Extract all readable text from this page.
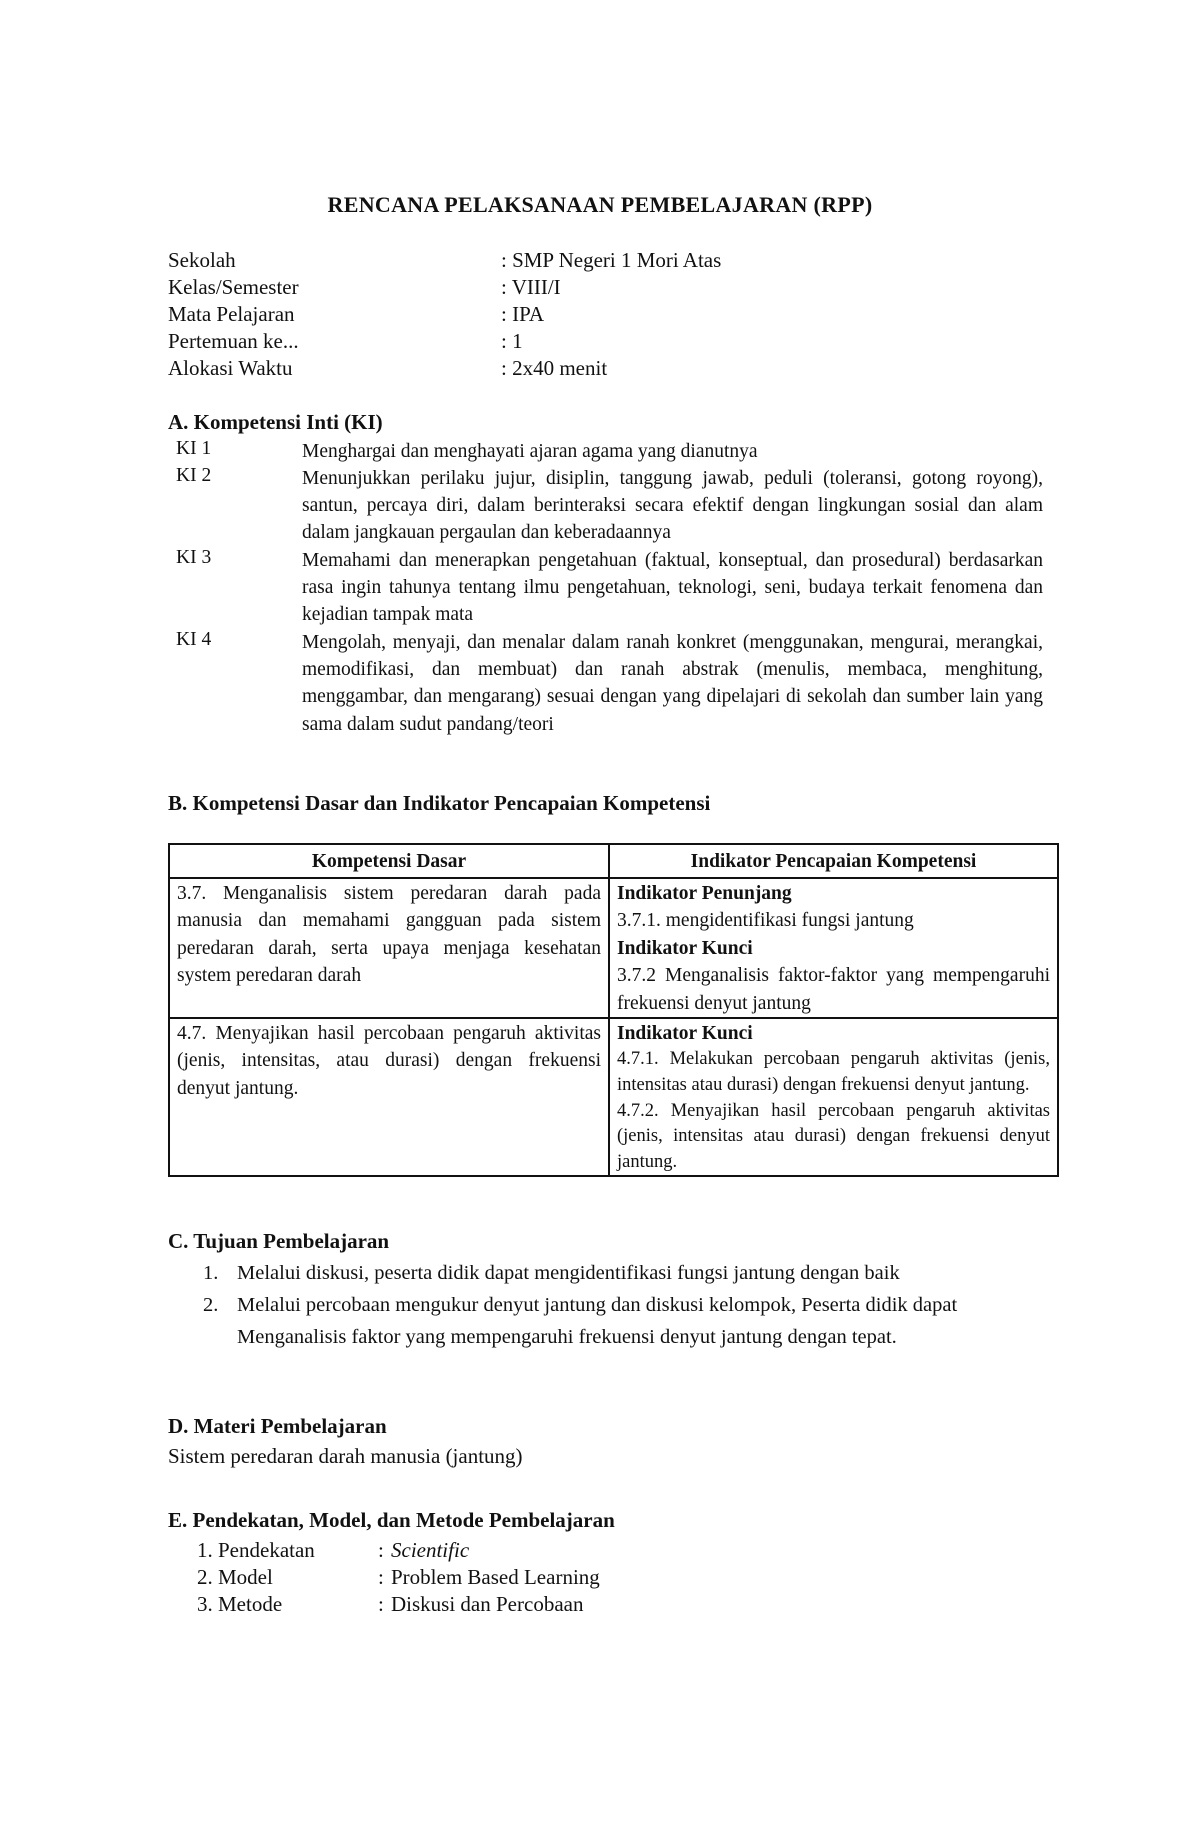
RENCANA PELAKSANAAN PEMBELAJARAN (RPP)
Sekolah	: SMP Negeri 1 Mori Atas
Kelas/Semester	: VIII/I
Mata Pelajaran	: IPA
Pertemuan ke...	: 1
Alokasi Waktu	: 2x40 menit
A. Kompetensi Inti (KI)
KI 1	Menghargai dan menghayati ajaran agama yang dianutnya
KI 2	Menunjukkan perilaku jujur, disiplin, tanggung jawab, peduli (toleransi, gotong royong), santun, percaya diri, dalam berinteraksi secara efektif dengan lingkungan sosial dan alam dalam jangkauan pergaulan dan keberadaannya
KI 3	Memahami dan menerapkan pengetahuan (faktual, konseptual, dan prosedural) berdasarkan rasa ingin tahunya tentang ilmu pengetahuan, teknologi, seni, budaya terkait fenomena dan kejadian tampak mata
KI 4	Mengolah, menyaji, dan menalar dalam ranah konkret (menggunakan, mengurai, merangkai, memodifikasi, dan membuat) dan ranah abstrak (menulis, membaca, menghitung, menggambar, dan mengarang) sesuai dengan yang dipelajari di sekolah dan sumber lain yang sama dalam sudut pandang/teori
B. Kompetensi Dasar dan Indikator Pencapaian Kompetensi
Kompetensi Dasar	Indikator Pencapaian Kompetensi
3.7. Menganalisis sistem peredaran darah pada manusia dan memahami gangguan pada sistem peredaran darah, serta upaya menjaga kesehatan system peredaran darah	Indikator Penunjang
3.7.1. mengidentifikasi fungsi jantung
Indikator Kunci
3.7.2 Menganalisis faktor-faktor yang mempengaruhi frekuensi denyut jantung

4.7. Menyajikan hasil percobaan pengaruh aktivitas (jenis, intensitas, atau durasi) dengan frekuensi denyut jantung.	Indikator Kunci
4.7.1. Melakukan percobaan pengaruh aktivitas (jenis, intensitas atau durasi) dengan frekuensi denyut jantung.
4.7.2. Menyajikan hasil percobaan pengaruh aktivitas (jenis, intensitas atau durasi) dengan frekuensi denyut jantung.
C. Tujuan Pembelajaran
1. Melalui diskusi, peserta didik dapat mengidentifikasi fungsi jantung dengan baik
2. Melalui percobaan mengukur denyut jantung dan diskusi kelompok, Peserta didik dapat Menganalisis faktor yang mempengaruhi frekuensi denyut jantung dengan tepat.
D. Materi Pembelajaran
Sistem peredaran darah manusia (jantung)
E. Pendekatan, Model, dan Metode Pembelajaran
1. Pendekatan	: Scientific
2. Model	: Problem Based Learning
3. Metode	: Diskusi dan Percobaan
